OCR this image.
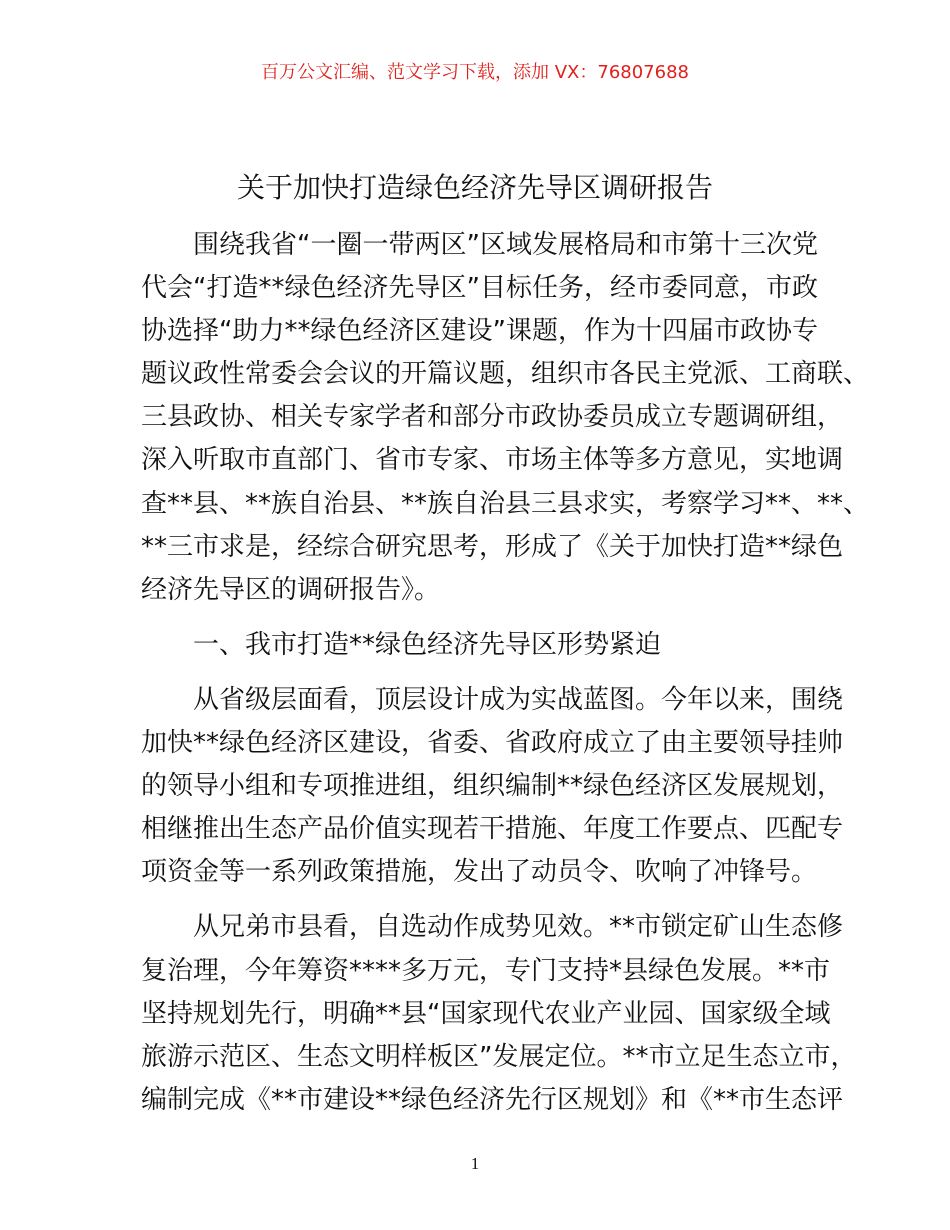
百万公文汇编、范文学习下载，添加 VX：76807688
关于加快打造绿色经济先导区调研报告
围绕我省“一圈一带两区”区域发展格局和市第十三次党
代会“打造**绿色经济先导区”目标任务，经市委同意，市政
协选择“助力**绿色经济区建设”课题，作为十四届市政协专
题议政性常委会会议的开篇议题，组织市各民主党派、工商联、
三县政协、相关专家学者和部分市政协委员成立专题调研组，
深入听取市直部门、省市专家、市场主体等多方意见，实地调
查**县、**族自治县、**族自治县三县求实，考察学习**、**、
**三市求是，经综合研究思考，形成了《关于加快打造**绿色
经济先导区的调研报告》。
一、我市打造**绿色经济先导区形势紧迫
从省级层面看，顶层设计成为实战蓝图。今年以来，围绕
加快**绿色经济区建设，省委、省政府成立了由主要领导挂帅
的领导小组和专项推进组，组织编制**绿色经济区发展规划，
相继推出生态产品价值实现若干措施、年度工作要点、匹配专
项资金等一系列政策措施，发出了动员令、吹响了冲锋号。
从兄弟市县看，自选动作成势见效。**市锁定矿山生态修
复治理，今年筹资****多万元，专门支持*县绿色发展。**市
坚持规划先行，明确**县“国家现代农业产业园、国家级全域
旅游示范区、生态文明样板区”发展定位。**市立足生态立市，
编制完成《**市建设**绿色经济先行区规划》和《**市生态评
1
